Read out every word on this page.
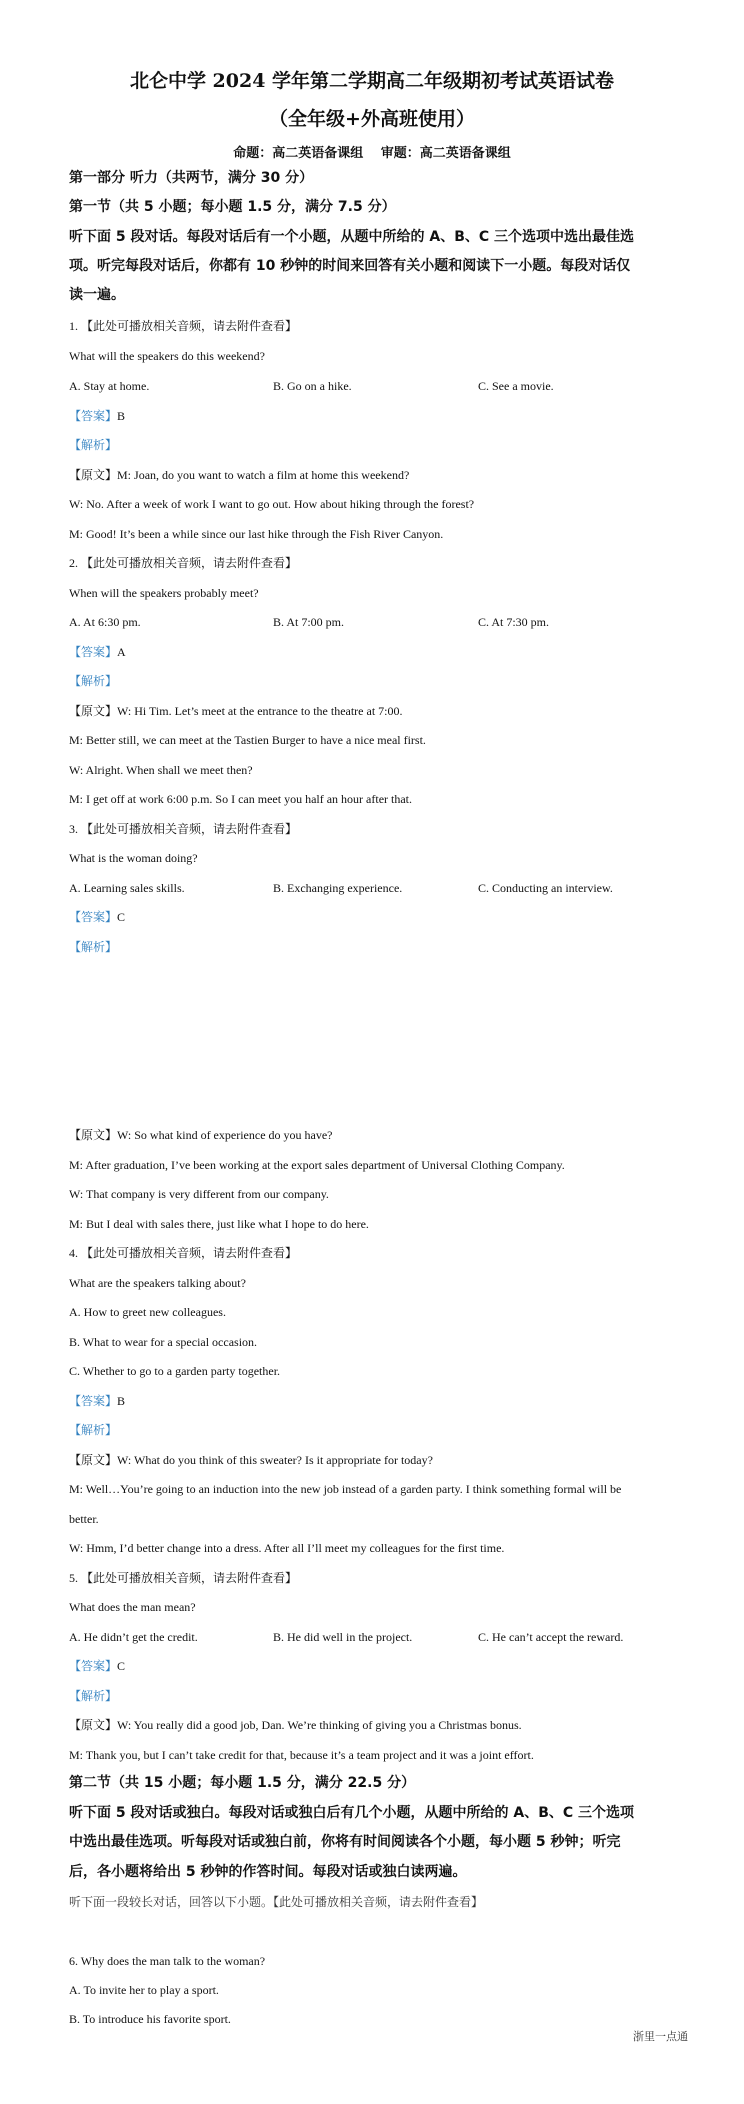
北仑中学 2024 学年第二学期高二年级期初考试英语试卷
（全年级+外高班使用）
命题：高二英语备课组　 审题：高二英语备课组
第一部分 听力（共两节，满分 30 分）
第一节（共 5 小题；每小题 1.5 分，满分 7.5 分）
听下面 5 段对话。每段对话后有一个小题，从题中所给的 A、B、C 三个选项中选出最佳选
项。听完每段对话后，你都有 10 秒钟的时间来回答有关小题和阅读下一小题。每段对话仅
读一遍。
1. 【此处可播放相关音频，请去附件查看】
What will the speakers do this weekend?
A. Stay at home.	B. Go on a hike.	C. See a movie.
【答案】B
【解析】
【原文】M: Joan, do you want to watch a film at home this weekend?
W: No. After a week of work I want to go out. How about hiking through the forest?
M: Good! It’s been a while since our last hike through the Fish River Canyon.
2. 【此处可播放相关音频，请去附件查看】
When will the speakers probably meet?
A. At 6:30 pm.	B. At 7:00 pm.	C. At 7:30 pm.
【答案】A
【解析】
【原文】W: Hi Tim. Let’s meet at the entrance to the theatre at 7:00.
M: Better still, we can meet at the Tastien Burger to have a nice meal first.
W: Alright. When shall we meet then?
M: I get off at work 6:00 p.m. So I can meet you half an hour after that.
3. 【此处可播放相关音频，请去附件查看】
What is the woman doing?
A. Learning sales skills.	B. Exchanging experience.	C. Conducting an interview.
【答案】C
【解析】
【原文】W: So what kind of experience do you have?
M: After graduation, I’ve been working at the export sales department of Universal Clothing Company.
W: That company is very different from our company.
M: But I deal with sales there, just like what I hope to do here.
4. 【此处可播放相关音频，请去附件查看】
What are the speakers talking about?
A. How to greet new colleagues.
B. What to wear for a special occasion.
C. Whether to go to a garden party together.
【答案】B
【解析】
【原文】W: What do you think of this sweater? Is it appropriate for today?
M: Well…You’re going to an induction into the new job instead of a garden party. I think something formal will be
better.
W: Hmm, I’d better change into a dress. After all I’ll meet my colleagues for the first time.
5. 【此处可播放相关音频，请去附件查看】
What does the man mean?
A. He didn’t get the credit.	B. He did well in the project.	C. He can’t accept the reward.
【答案】C
【解析】
【原文】W: You really did a good job, Dan. We’re thinking of giving you a Christmas bonus.
M: Thank you, but I can’t take credit for that, because it’s a team project and it was a joint effort.
第二节（共 15 小题；每小题 1.5 分，满分 22.5 分）
听下面 5 段对话或独白。每段对话或独白后有几个小题，从题中所给的 A、B、C 三个选项
中选出最佳选项。听每段对话或独白前，你将有时间阅读各个小题，每小题 5 秒钟；听完
后，各小题将给出 5 秒钟的作答时间。每段对话或独白读两遍。
听下面一段较长对话，回答以下小题。【此处可播放相关音频，请去附件查看】
6. Why does the man talk to the woman?
A. To invite her to play a sport.
B. To introduce his favorite sport.
浙里一点通
